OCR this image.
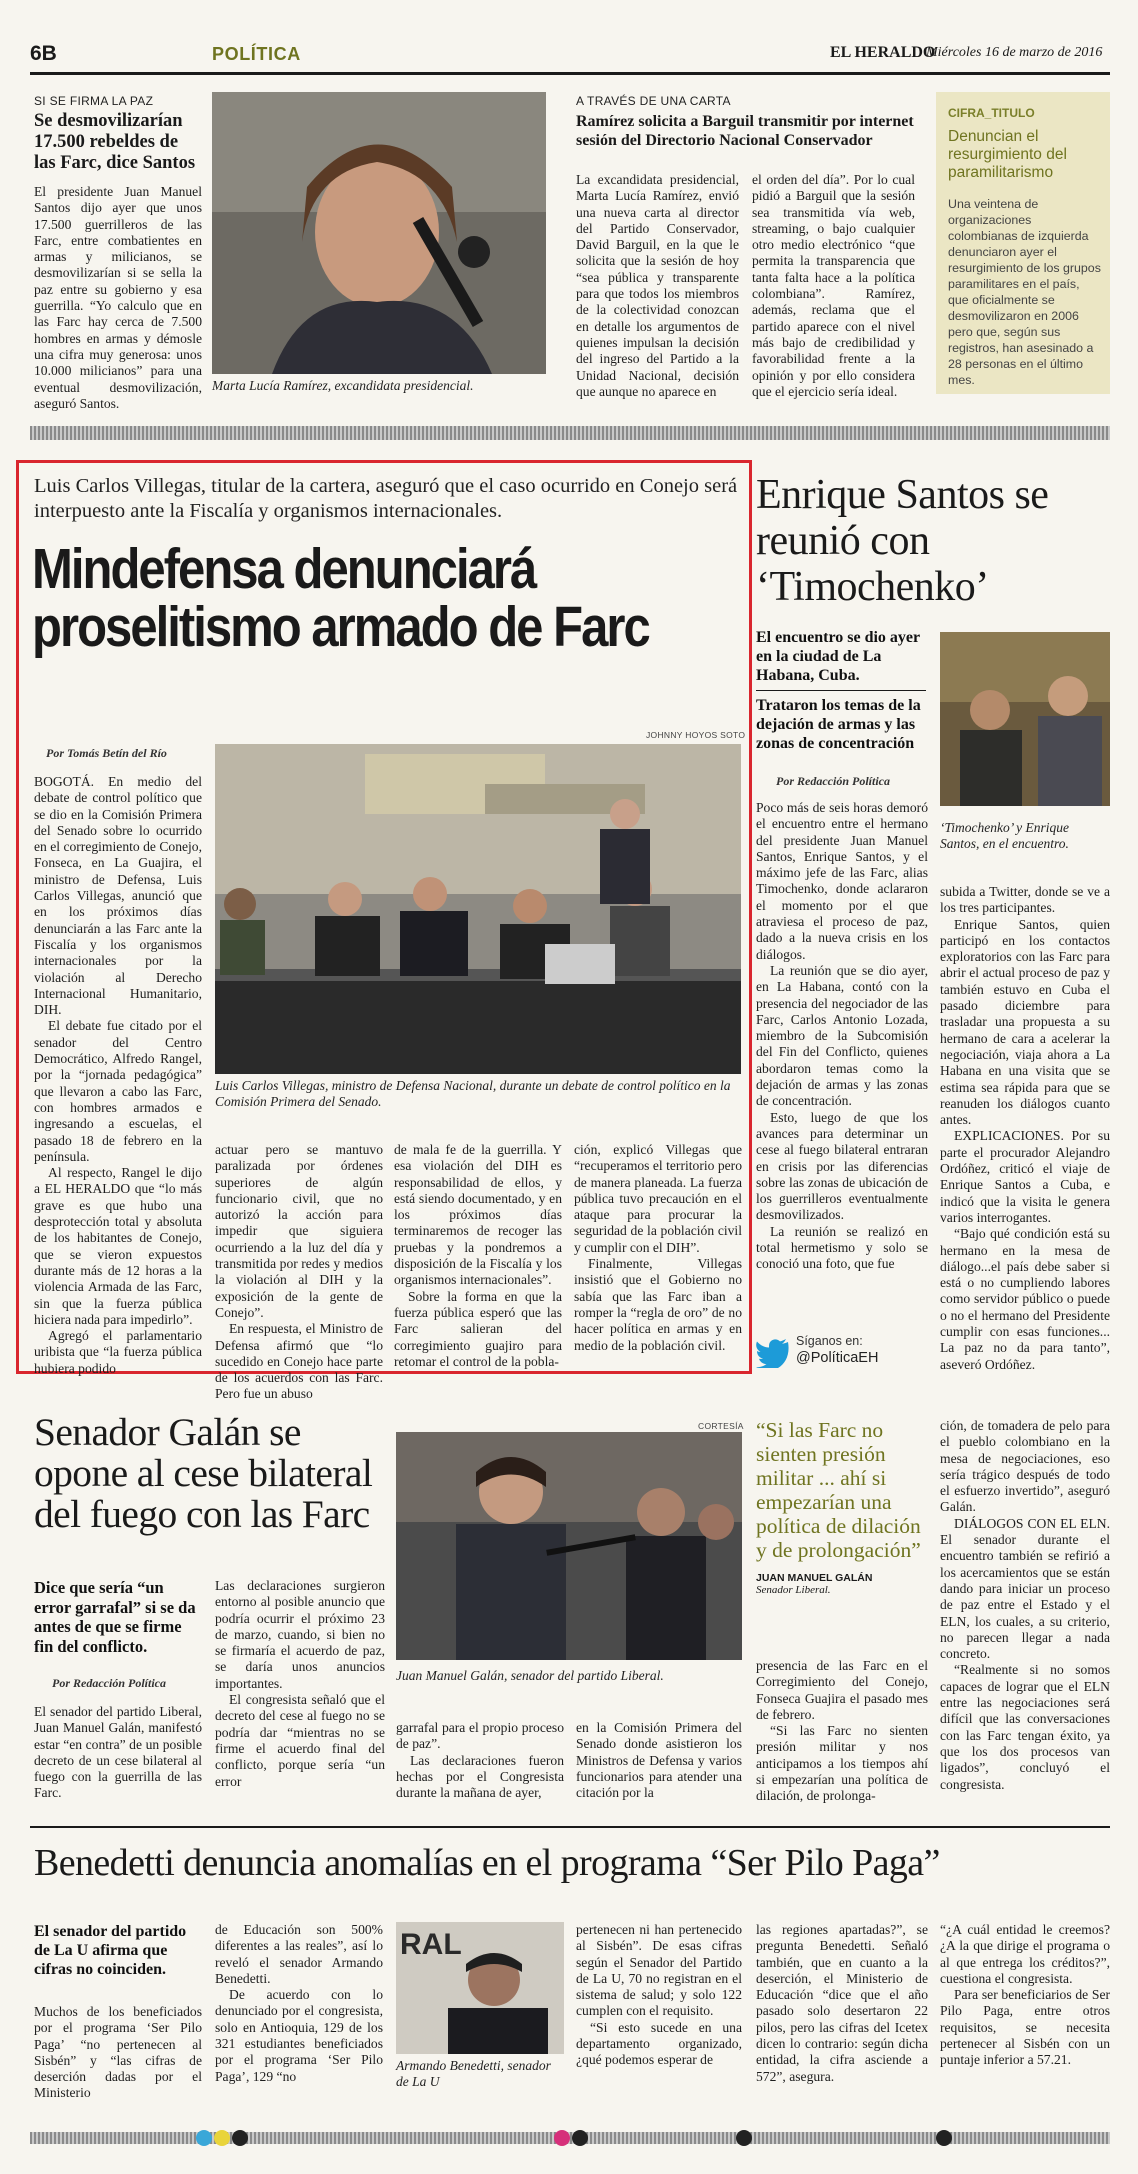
6B	POLÍTICA	EL HERALDO
Miércoles 16 de marzo de 2016
SI SE FIRMA LA PAZ
Se desmovilizarían 17.500 rebeldes de las Farc, dice Santos

El presidente Juan Manuel Santos dijo ayer que unos 17.500 guerrilleros de las Farc, entre combatientes en armas y milicianos, se desmovilizarían si se sella la paz entre su gobierno y esa guerrilla. “Yo calculo que en las Farc hay cerca de 7.500 hombres en armas y démosle una cifra muy generosa: unos 10.000 milicianos” para una eventual desmovilización, aseguró Santos.

Marta Lucía Ramírez, excandidata presidencial.
A TRAVÉS DE UNA CARTA
Ramírez solicita a Barguil transmitir por internet sesión del Directorio Nacional Conservador

La excandidata presidencial, Marta Lucía Ramírez, envió una nueva carta al director del Partido Conservador, David Barguil, en la que le solicita que la sesión de hoy “sea pública y transparente para que todos los miembros de la colectividad conozcan en detalle los argumentos de quienes impulsan la decisión del ingreso del Partido a la Unidad Nacional, decisión que aunque no aparece en

el orden del día”. Por lo cual pidió a Barguil que la sesión sea transmitida vía web, streaming, o bajo cualquier otro medio electrónico “que permita la transparencia que tanta falta hace a la política colombiana”. Ramírez, además, reclama que el partido aparece con el nivel más bajo de credibilidad y favorabilidad frente a la opinión y por ello considera que el ejercicio sería ideal.

CIFRA_TITULO
Denuncian el resurgimiento del paramilitarismo

Una veintena de organizaciones colombianas de izquierda denunciaron ayer el resurgimiento de los grupos paramilitares en el país, que oficialmente se desmovilizaron en 2006 pero que, según sus registros, han asesinado a 28 personas en el último mes.

Luis Carlos Villegas, titular de la cartera, aseguró que el caso ocurrido en Conejo será interpuesto ante la Fiscalía y organismos internacionales.
Mindefensa denunciará proselitismo armado de Farc
JOHNNY HOYOS SOTO
Por Tomás Betín del Río
Luis Carlos Villegas, ministro de Defensa Nacional, durante un debate de control político en la Comisión Primera del Senado.

BOGOTÁ. En medio del debate de control político que se dio en la Comisión Primera del Senado sobre lo ocurrido en el corregimiento de Conejo, Fonseca, en La Guajira, el ministro de Defensa, Luis Carlos Villegas, anunció que en los próximos días denunciarán a las Farc ante la Fiscalía y los organismos internacionales por la violación al Derecho Internacional Humanitario, DIH.

El debate fue citado por el senador del Centro Democrático, Alfredo Rangel, por la “jornada pedagógica” que llevaron a cabo las Farc, con hombres armados e ingresando a escuelas, el pasado 18 de febrero en la península.

Al respecto, Rangel le dijo a EL HERALDO que “lo más grave es que hubo una desprotección total y absoluta de los habitantes de Conejo, que se vieron expuestos durante más de 12 horas a la violencia Armada de las Farc, sin que la fuerza pública hiciera nada para impedirlo”.

Agregó el parlamentario uribista que “la fuerza pública hubiera podido

actuar pero se mantuvo paralizada por órdenes superiores de algún funcionario civil, que no autorizó la acción para impedir que siguiera ocurriendo a la luz del día y transmitida por redes y medios la violación al DIH y la exposición de la gente de Conejo”.

En respuesta, el Ministro de Defensa afirmó que “lo sucedido en Conejo hace parte de los acuerdos con las Farc. Pero fue un abuso

de mala fe de la guerrilla. Y esa violación del DIH es responsabilidad de ellos, y está siendo documentado, y en los próximos días terminaremos de recoger las pruebas y la pondremos a disposición de la Fiscalía y los organismos internacionales”.

Sobre la forma en que la fuerza pública esperó que las Farc salieran del corregimiento guajiro para retomar el control de la pobla-

ción, explicó Villegas que “recuperamos el territorio pero de manera planeada. La fuerza pública tuvo precaución en el ataque para procurar la seguridad de la población civil y cumplir con el DIH”.

Finalmente, Villegas insistió que el Gobierno no sabía que las Farc iban a romper la “regla de oro” de no hacer política en armas y en medio de la población civil.

Enrique Santos se reunió con ‘Timochenko’
El encuentro se dio ayer en la ciudad de La Habana, Cuba.
Trataron los temas de la dejación de armas y las zonas de concentración
Por Redacción Política
‘Timochenko’ y Enrique Santos, en el encuentro.

Poco más de seis horas demoró el encuentro entre el hermano del presidente Juan Manuel Santos, Enrique Santos, y el máximo jefe de las Farc, alias Timochenko, donde aclararon el momento por el que atraviesa el proceso de paz, dado a la nueva crisis en los diálogos.

La reunión que se dio ayer, en La Habana, contó con la presencia del negociador de las Farc, Carlos Antonio Lozada, miembro de la Subcomisión del Fin del Conflicto, quienes abordaron temas como la dejación de armas y las zonas de concentración.

Esto, luego de que los avances para determinar un cese al fuego bilateral entraran en crisis por las diferencias sobre las zonas de ubicación de los guerrilleros eventualmente desmovilizados.

La reunión se realizó en total hermetismo y solo se conoció una foto, que fue

subida a Twitter, donde se ve a los tres participantes.

Enrique Santos, quien participó en los contactos exploratorios con las Farc para abrir el actual proceso de paz y también estuvo en Cuba el pasado diciembre para trasladar una propuesta a su hermano de cara a acelerar la negociación, viaja ahora a La Habana en una visita que se estima sea rápida para que se reanuden los diálogos cuanto antes.

EXPLICACIONES. Por su parte el procurador Alejandro Ordóñez, criticó el viaje de Enrique Santos a Cuba, e indicó que la visita le genera varios interrogantes.

“Bajo qué condición está su hermano en la mesa de diálogo...el país debe saber si está o no cumpliendo labores como servidor público o puede o no el hermano del Presidente cumplir con esas funciones... La paz no da para tanto”, aseveró Ordóñez.

Síganos en:
@PolíticaEH
Senador Galán se opone al cese bilateral del fuego con las Farc
Dice que sería “un error garrafal” si se da antes de que se firme fin del conflicto.
Por Redacción Política

El senador del partido Liberal, Juan Manuel Galán, manifestó estar “en contra” de un posible decreto de un cese bilateral al fuego con la guerrilla de las Farc.

CORTESÍA
Juan Manuel Galán, senador del partido Liberal.

Las declaraciones surgieron entorno al posible anuncio que podría ocurrir el próximo 23 de marzo, cuando, si bien no se firmaría el acuerdo de paz, se daría unos anuncios importantes.

El congresista señaló que el decreto del cese al fuego no se podría dar “mientras no se firme el acuerdo final del conflicto, porque sería “un error

garrafal para el propio proceso de paz”.

Las declaraciones fueron hechas por el Congresista durante la mañana de ayer,

en la Comisión Primera del Senado donde asistieron los Ministros de Defensa y varios funcionarios para atender una citación por la

“Si las Farc no sienten presión militar ... ahí si empezarían una política de dilación y de prolongación”
JUAN MANUEL GALÁN
Senador Liberal.

presencia de las Farc en el Corregimiento del Conejo, Fonseca Guajira el pasado mes de febrero.

“Si las Farc no sienten presión militar y nos anticipamos a los tiempos ahí si empezarían una política de dilación, de prolonga-

ción, de tomadera de pelo para el pueblo colombiano en la mesa de negociaciones, eso sería trágico después de todo el esfuerzo invertido”, aseguró Galán.

DIÁLOGOS CON EL ELN. El senador durante el encuentro también se refirió a los acercamientos que se están dando para iniciar un proceso de paz entre el Estado y el ELN, los cuales, a su criterio, no parecen llegar a nada concreto.

“Realmente si no somos capaces de lograr que el ELN entre las negociaciones será difícil que las conversaciones con las Farc tengan éxito, ya que los dos procesos van ligados”, concluyó el congresista.

Benedetti denuncia anomalías en el programa “Ser Pilo Paga”
El senador del partido de La U afirma que cifras no coinciden.

Muchos de los beneficiados por el programa ‘Ser Pilo Paga’ “no pertenecen al Sisbén” y “las cifras de deserción dadas por el Ministerio

de Educación son 500% diferentes a las reales”, así lo reveló el senador Armando Benedetti.

De acuerdo con lo denunciado por el congresista, solo en Antioquia, 129 de los 321 estudiantes beneficiados por el programa ‘Ser Pilo Paga’, 129 “no

RAL
Armando Benedetti, senador de La U

pertenecen ni han pertenecido al Sisbén”. De esas cifras según el Senador del Partido de La U, 70 no registran en el sistema de salud; y solo 122 cumplen con el requisito.

“Si esto sucede en una departamento organizado, ¿qué podemos esperar de

las regiones apartadas?”, se pregunta Benedetti. Señaló también, que en cuanto a la deserción, el Ministerio de Educación “dice que el año pasado solo desertaron 22 pilos, pero las cifras del Icetex dicen lo contrario: según dicha entidad, la cifra asciende a 572”, asegura.

“¿A cuál entidad le creemos? ¿A la que dirige el programa o al que entrega los créditos?”, cuestiona el congresista.

Para ser beneficiarios de Ser Pilo Paga, entre otros requisitos, se necesita pertenecer al Sisbén con un puntaje inferior a 57.21.
